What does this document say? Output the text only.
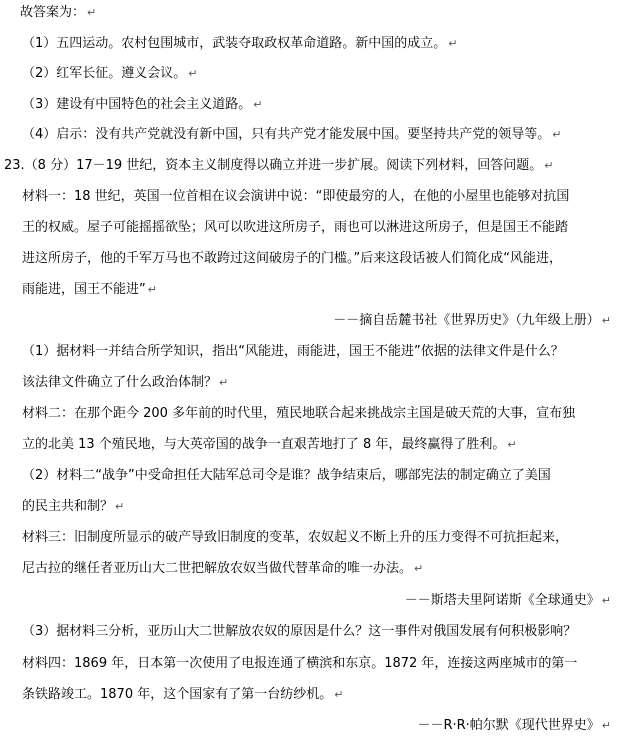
故答案为： ↵
（1）五四运动。农村包围城市，武装夺取政权革命道路。新中国的成立。 ↵
（2）红军长征。遵义会议。 ↵
（3）建设有中国特色的社会主义道路。 ↵
（4）启示：没有共产党就没有新中国，只有共产党才能发展中国。要坚持共产党的领导等。 ↵
23.（8 分）17－19 世纪，资本主义制度得以确立并进一步扩展。阅读下列材料，回答问题。 ↵
材料一：18 世纪，英国一位首相在议会演讲中说：“即使最穷的人，在他的小屋里也能够对抗国
王的权威。屋子可能摇摇欲坠；风可以吹进这所房子，雨也可以淋进这所房子，但是国王不能踏
进这所房子，他的千军万马也不敢跨过这间破房子的门槛。”后来这段话被人们简化成“风能进，
雨能进，国王不能进” ↵
－－摘自岳麓书社《世界历史》（九年级上册） ↵
（1）据材料一并结合所学知识，指出“风能进，雨能进，国王不能进”依据的法律文件是什么？
该法律文件确立了什么政治体制？ ↵
材料二：在那个距今 200 多年前的时代里，殖民地联合起来挑战宗主国是破天荒的大事，宣布独
立的北美 13 个殖民地，与大英帝国的战争一直艰苦地打了 8 年，最终赢得了胜利。 ↵
（2）材料二“战争”中受命担任大陆军总司令是谁？战争结束后，哪部宪法的制定确立了美国
的民主共和制？ ↵
材料三：旧制度所显示的破产导致旧制度的变革，农奴起义不断上升的压力变得不可抗拒起来，
尼古拉的继任者亚历山大二世把解放农奴当做代替革命的唯一办法。 ↵
－－斯塔夫里阿诺斯《全球通史》 ↵
（3）据材料三分析，亚历山大二世解放农奴的原因是什么？这一事件对俄国发展有何积极影响？
材料四：1869 年，日本第一次使用了电报连通了横滨和东京。1872 年，连接这两座城市的第一
条铁路竣工。1870 年，这个国家有了第一台纺纱机。 ↵
－－R·R·帕尔默《现代世界史》 ↵
